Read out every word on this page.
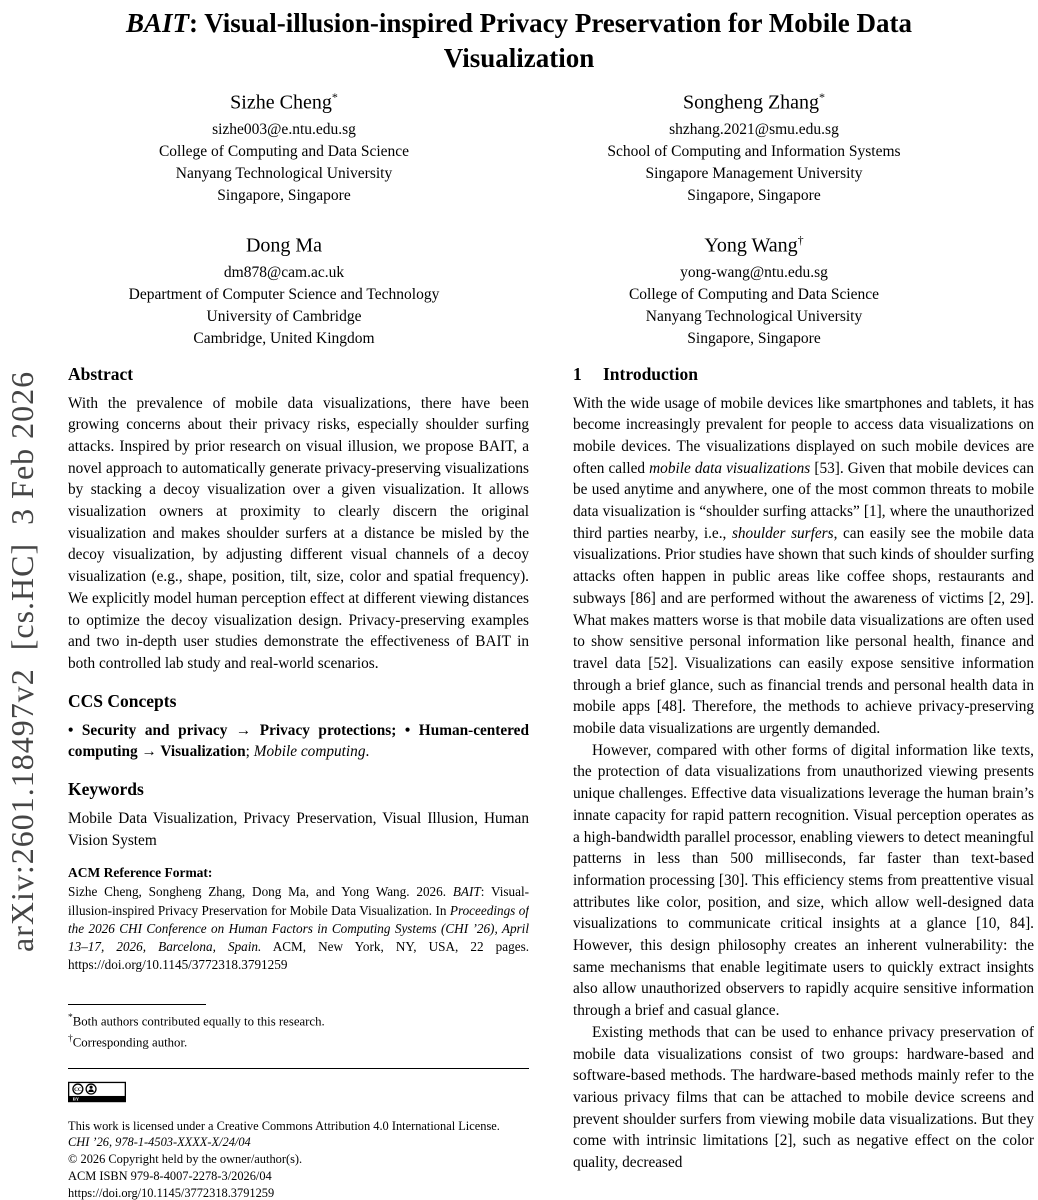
arXiv:2601.18497v2  [cs.HC]  3 Feb 2026
BAIT: Visual-illusion-inspired Privacy Preservation for Mobile Data Visualization
Sizhe Cheng*
sizhe003@e.ntu.edu.sg
College of Computing and Data Science
Nanyang Technological University
Singapore, Singapore
Songheng Zhang*
shzhang.2021@smu.edu.sg
School of Computing and Information Systems
Singapore Management University
Singapore, Singapore
Dong Ma
dm878@cam.ac.uk
Department of Computer Science and Technology
University of Cambridge
Cambridge, United Kingdom
Yong Wang†
yong-wang@ntu.edu.sg
College of Computing and Data Science
Nanyang Technological University
Singapore, Singapore
Abstract

With the prevalence of mobile data visualizations, there have been growing concerns about their privacy risks, especially shoulder surfing attacks. Inspired by prior research on visual illusion, we propose BAIT, a novel approach to automatically generate privacy-preserving visualizations by stacking a decoy visualization over a given visualization. It allows visualization owners at proximity to clearly discern the original visualization and makes shoulder surfers at a distance be misled by the decoy visualization, by adjusting different visual channels of a decoy visualization (e.g., shape, position, tilt, size, color and spatial frequency). We explicitly model human perception effect at different viewing distances to optimize the decoy visualization design. Privacy-preserving examples and two in-depth user studies demonstrate the effectiveness of BAIT in both controlled lab study and real-world scenarios.

CCS Concepts

• Security and privacy → Privacy protections; • Human-centered computing → Visualization; Mobile computing.

Keywords

Mobile Data Visualization, Privacy Preservation, Visual Illusion, Human Vision System

ACM Reference Format:

Sizhe Cheng, Songheng Zhang, Dong Ma, and Yong Wang. 2026. BAIT: Visual-illusion-inspired Privacy Preservation for Mobile Data Visualization. In Proceedings of the 2026 CHI Conference on Human Factors in Computing Systems (CHI ’26), April 13–17, 2026, Barcelona, Spain. ACM, New York, NY, USA, 22 pages. https://doi.org/10.1145/3772318.3791259

*Both authors contributed equally to this research.
†Corresponding author.
CC
BY
This work is licensed under a Creative Commons Attribution 4.0 International License.
CHI ’26, 978-1-4503-XXXX-X/24/04
© 2026 Copyright held by the owner/author(s).
ACM ISBN 979-8-4007-2278-3/2026/04
https://doi.org/10.1145/3772318.3791259
1 Introduction

With the wide usage of mobile devices like smartphones and tablets, it has become increasingly prevalent for people to access data visualizations on mobile devices. The visualizations displayed on such mobile devices are often called mobile data visualizations [53]. Given that mobile devices can be used anytime and anywhere, one of the most common threats to mobile data visualization is “shoulder surfing attacks” [1], where the unauthorized third parties nearby, i.e., shoulder surfers, can easily see the mobile data visualizations. Prior studies have shown that such kinds of shoulder surfing attacks often happen in public areas like coffee shops, restaurants and subways [86] and are performed without the awareness of victims [2, 29]. What makes matters worse is that mobile data visualizations are often used to show sensitive personal information like personal health, finance and travel data [52]. Visualizations can easily expose sensitive information through a brief glance, such as financial trends and personal health data in mobile apps [48]. Therefore, the methods to achieve privacy-preserving mobile data visualizations are urgently demanded.

However, compared with other forms of digital information like texts, the protection of data visualizations from unauthorized viewing presents unique challenges. Effective data visualizations leverage the human brain’s innate capacity for rapid pattern recognition. Visual perception operates as a high-bandwidth parallel processor, enabling viewers to detect meaningful patterns in less than 500 milliseconds, far faster than text-based information processing [30]. This efficiency stems from preattentive visual attributes like color, position, and size, which allow well-designed data visualizations to communicate critical insights at a glance [10, 84]. However, this design philosophy creates an inherent vulnerability: the same mechanisms that enable legitimate users to quickly extract insights also allow unauthorized observers to rapidly acquire sensitive information through a brief and casual glance.

Existing methods that can be used to enhance privacy preservation of mobile data visualizations consist of two groups: hardware-based and software-based methods. The hardware-based methods mainly refer to the various privacy films that can be attached to mobile device screens and prevent shoulder surfers from viewing mobile data visualizations. But they come with intrinsic limitations [2], such as negative effect on the color quality, decreased
